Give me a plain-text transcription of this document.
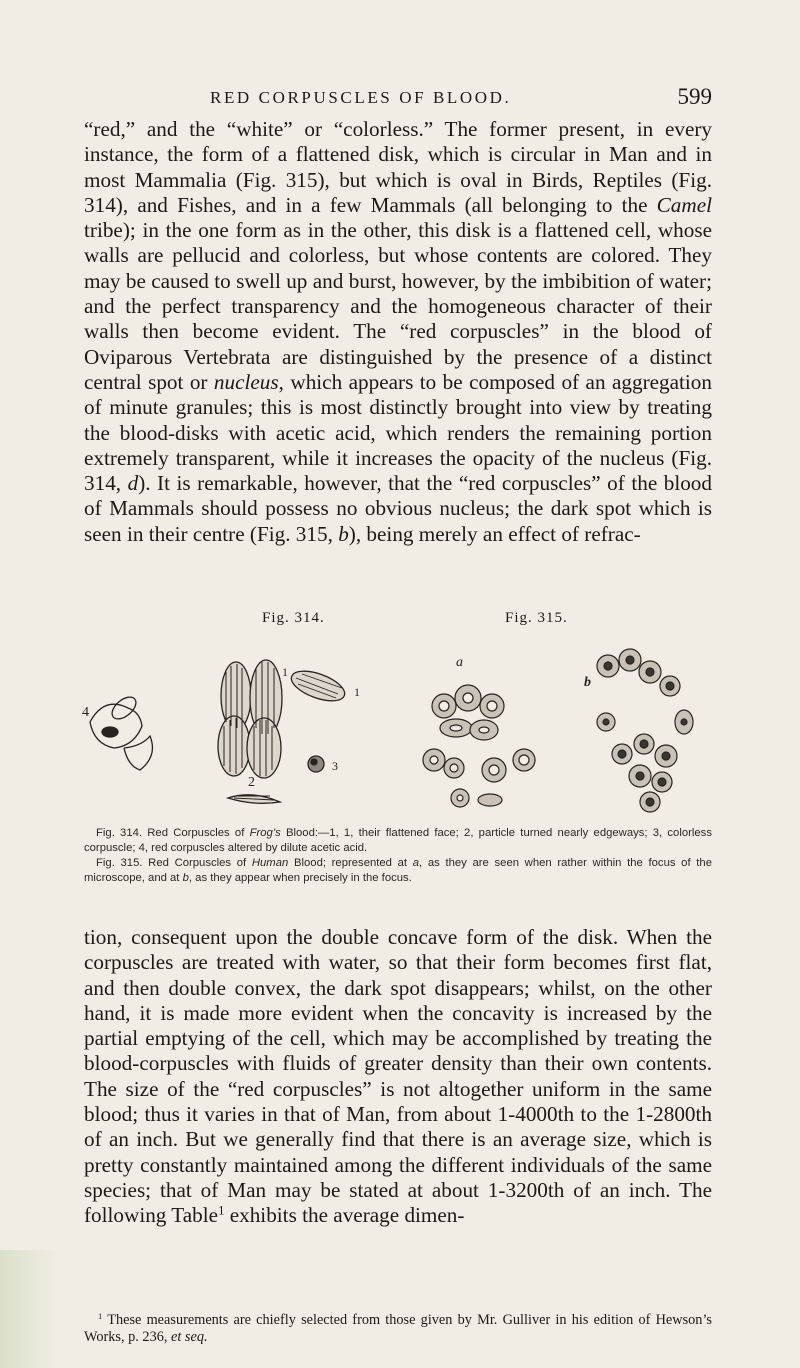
RED CORPUSCLES OF BLOOD.	599

“red,” and the “white” or “colorless.” The former present, in every instance, the form of a flattened disk, which is circular in Man and in most Mammalia (Fig. 315), but which is oval in Birds, Reptiles (Fig. 314), and Fishes, and in a few Mammals (all belonging to the Camel tribe); in the one form as in the other, this disk is a flattened cell, whose walls are pellucid and colorless, but whose contents are colored. They may be caused to swell up and burst, however, by the imbibition of water; and the perfect transparency and the homogeneous character of their walls then become evident. The “red corpuscles” in the blood of Oviparous Vertebrata are distinguished by the presence of a distinct central spot or nucleus, which appears to be composed of an aggregation of minute granules; this is most distinctly brought into view by treating the blood-disks with acetic acid, which renders the remaining portion extremely transparent, while it increases the opacity of the nucleus (Fig. 314, d). It is remarkable, however, that the “red corpuscles” of the blood of Mammals should possess no obvious nucleus; the dark spot which is seen in their centre (Fig. 315, b), being merely an effect of refrac-

Fig. 314.	Fig. 315.
4
1
2
1
3
a
b

Fig. 314. Red Corpuscles of Frog’s Blood:—1, 1, their flattened face; 2, particle turned nearly edgeways; 3, colorless corpuscle; 4, red corpuscles altered by dilute acetic acid.

Fig. 315. Red Corpuscles of Human Blood; represented at a, as they are seen when rather within the focus of the microscope, and at b, as they appear when precisely in the focus.

tion, consequent upon the double concave form of the disk. When the corpuscles are treated with water, so that their form becomes first flat, and then double convex, the dark spot disappears; whilst, on the other hand, it is made more evident when the concavity is increased by the partial emptying of the cell, which may be accomplished by treating the blood-corpuscles with fluids of greater density than their own contents. The size of the “red corpuscles” is not altogether uniform in the same blood; thus it varies in that of Man, from about 1-4000th to the 1-2800th of an inch. But we generally find that there is an average size, which is pretty constantly maintained among the different individuals of the same species; that of Man may be stated at about 1-3200th of an inch. The following Table$^1$ exhibits the average dimen-

$^1$ These measurements are chiefly selected from those given by Mr. Gulliver in his edition of Hewson’s Works, p. 236, et seq.
